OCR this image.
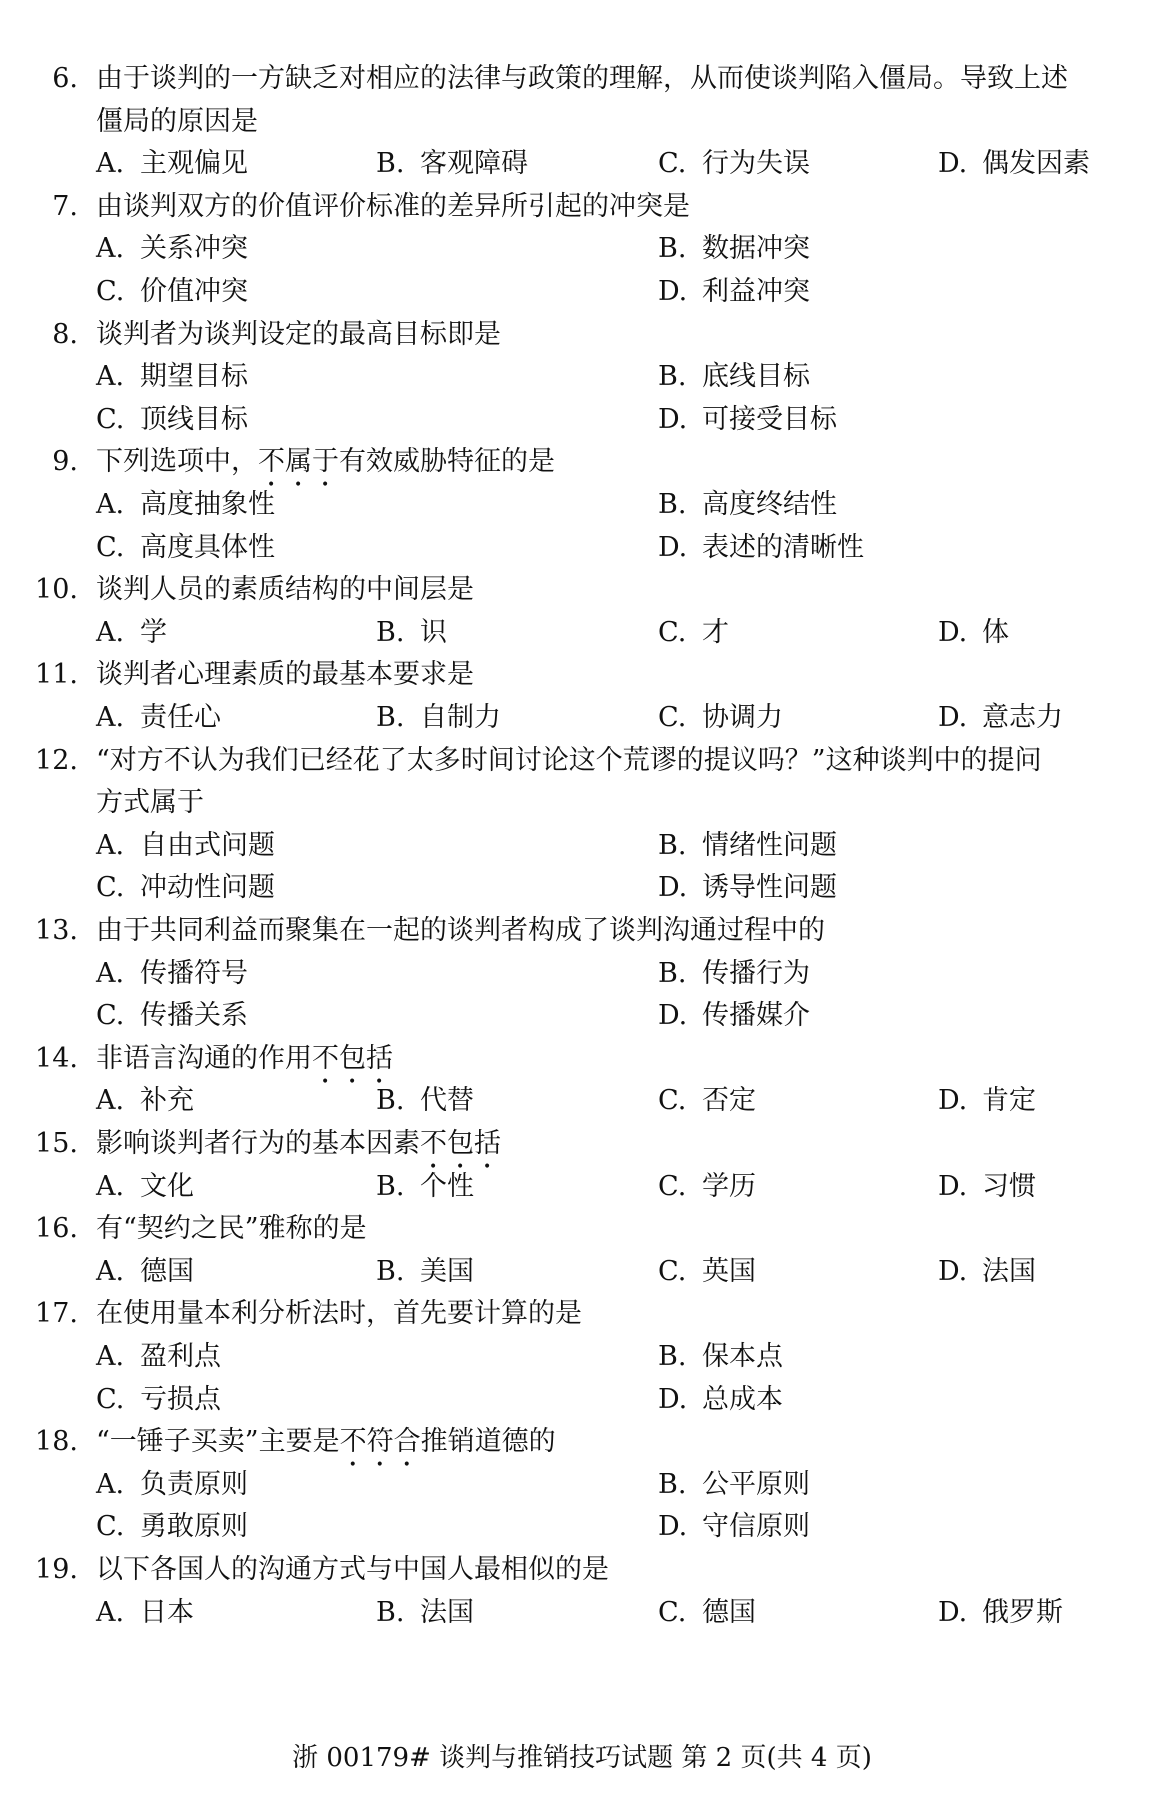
6. 由于谈判的一方缺乏对相应的法律与政策的理解，从而使谈判陷入僵局。导致上述
僵局的原因是
A. 主观偏见	B. 客观障碍	C. 行为失误	D. 偶发因素
7. 由谈判双方的价值评价标准的差异所引起的冲突是
A. 关系冲突	B. 数据冲突
C. 价值冲突	D. 利益冲突
8. 谈判者为谈判设定的最高目标即是
A. 期望目标	B. 底线目标
C. 顶线目标	D. 可接受目标
9. 下列选项中，不属于有效威胁特征的是
A. 高度抽象性	B. 高度终结性
C. 高度具体性	D. 表述的清晰性
10. 谈判人员的素质结构的中间层是
A. 学	B. 识	C. 才	D. 体
11. 谈判者心理素质的最基本要求是
A. 责任心	B. 自制力	C. 协调力	D. 意志力
12. “对方不认为我们已经花了太多时间讨论这个荒谬的提议吗？”这种谈判中的提问
方式属于
A. 自由式问题	B. 情绪性问题
C. 冲动性问题	D. 诱导性问题
13. 由于共同利益而聚集在一起的谈判者构成了谈判沟通过程中的
A. 传播符号	B. 传播行为
C. 传播关系	D. 传播媒介
14. 非语言沟通的作用不包括
A. 补充	B. 代替	C. 否定	D. 肯定
15. 影响谈判者行为的基本因素不包括
A. 文化	B. 个性	C. 学历	D. 习惯
16. 有“契约之民”雅称的是
A. 德国	B. 美国	C. 英国	D. 法国
17. 在使用量本利分析法时，首先要计算的是
A. 盈利点	B. 保本点
C. 亏损点	D. 总成本
18. “一锤子买卖”主要是不符合推销道德的
A. 负责原则	B. 公平原则
C. 勇敢原则	D. 守信原则
19. 以下各国人的沟通方式与中国人最相似的是
A. 日本	B. 法国	C. 德国	D. 俄罗斯
浙 00179# 谈判与推销技巧试题 第 2 页(共 4 页)
